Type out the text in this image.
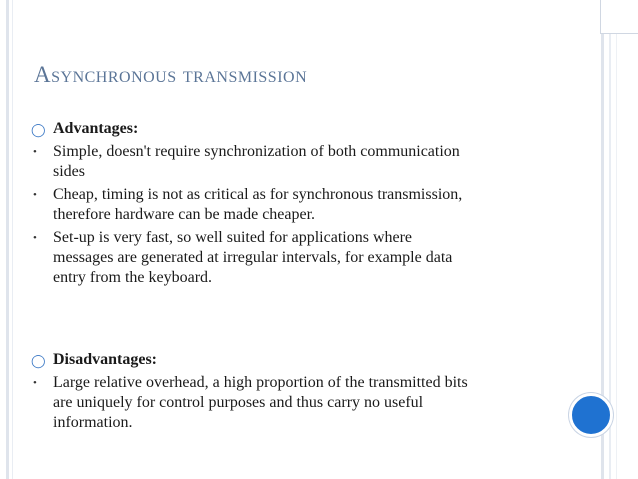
Asynchronous transmission

◯ Advantages:

•	Simple, doesn't require synchronization of both communication sides

•	Cheap, timing is not as critical as for synchronous transmission, therefore hardware can be made cheaper.

•	Set-up is very fast, so well suited for applications where messages are generated at irregular intervals, for example data entry from the keyboard.

◯ Disadvantages:

•	Large relative overhead, a high proportion of the transmitted bits are uniquely for control purposes and thus carry no useful information.
